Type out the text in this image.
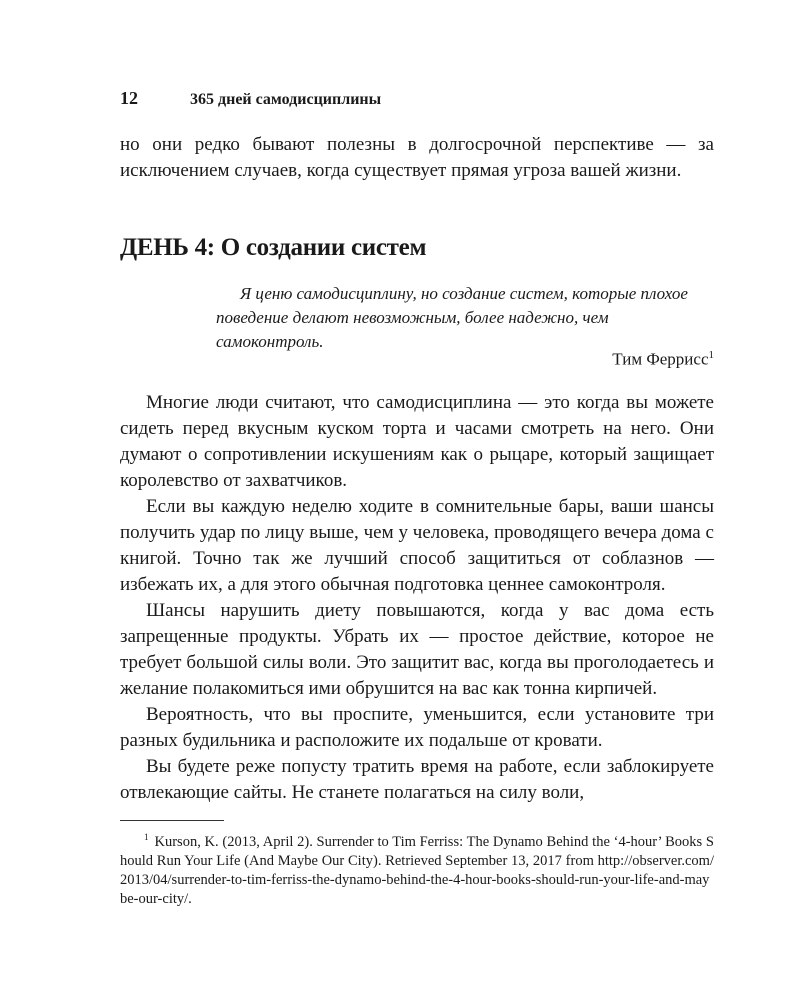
12	365 дней самодисциплины

но они редко бывают полезны в долгосрочной перспективе — за исключением случаев, когда существует прямая угроза вашей жизни.

ДЕНЬ 4: О создании систем

Я ценю самодисциплину, но создание систем, которые плохое поведение делают невозможным, более надежно, чем самоконтроль.

Тим Феррисс$^1$

Многие люди считают, что самодисциплина — это когда вы можете сидеть перед вкусным куском торта и часами смотреть на него. Они думают о сопротивлении искушениям как о рыцаре, который защищает королевство от захватчиков.

Если вы каждую неделю ходите в сомнительные бары, ваши шансы получить удар по лицу выше, чем у человека, проводящего вечера дома с книгой. Точно так же лучший способ защититься от соблазнов — избежать их, а для этого обычная подготовка ценнее самоконтроля.

Шансы нарушить диету повышаются, когда у вас дома есть запрещенные продукты. Убрать их — простое действие, которое не требует большой силы воли. Это защитит вас, когда вы проголодаетесь и желание полакомиться ими обрушится на вас как тонна кирпичей.

Вероятность, что вы проспите, уменьшится, если установите три разных будильника и расположите их подальше от кровати.

Вы будете реже попусту тратить время на работе, если заблокируете отвлекающие сайты. Не станете полагаться на силу воли,

$^1$ Kurson, K. (2013, April 2). Surrender to Tim Ferriss: The Dynamo Behind the ‘4-hour’ Books Should Run Your Life (And Maybe Our City). Retrieved September 13, 2017 from http://observer.com/2013/04/surrender-to-tim-ferriss-the-dynamo-behind-the-4-hour-books-should-run-your-life-and-maybe-our-city/.
